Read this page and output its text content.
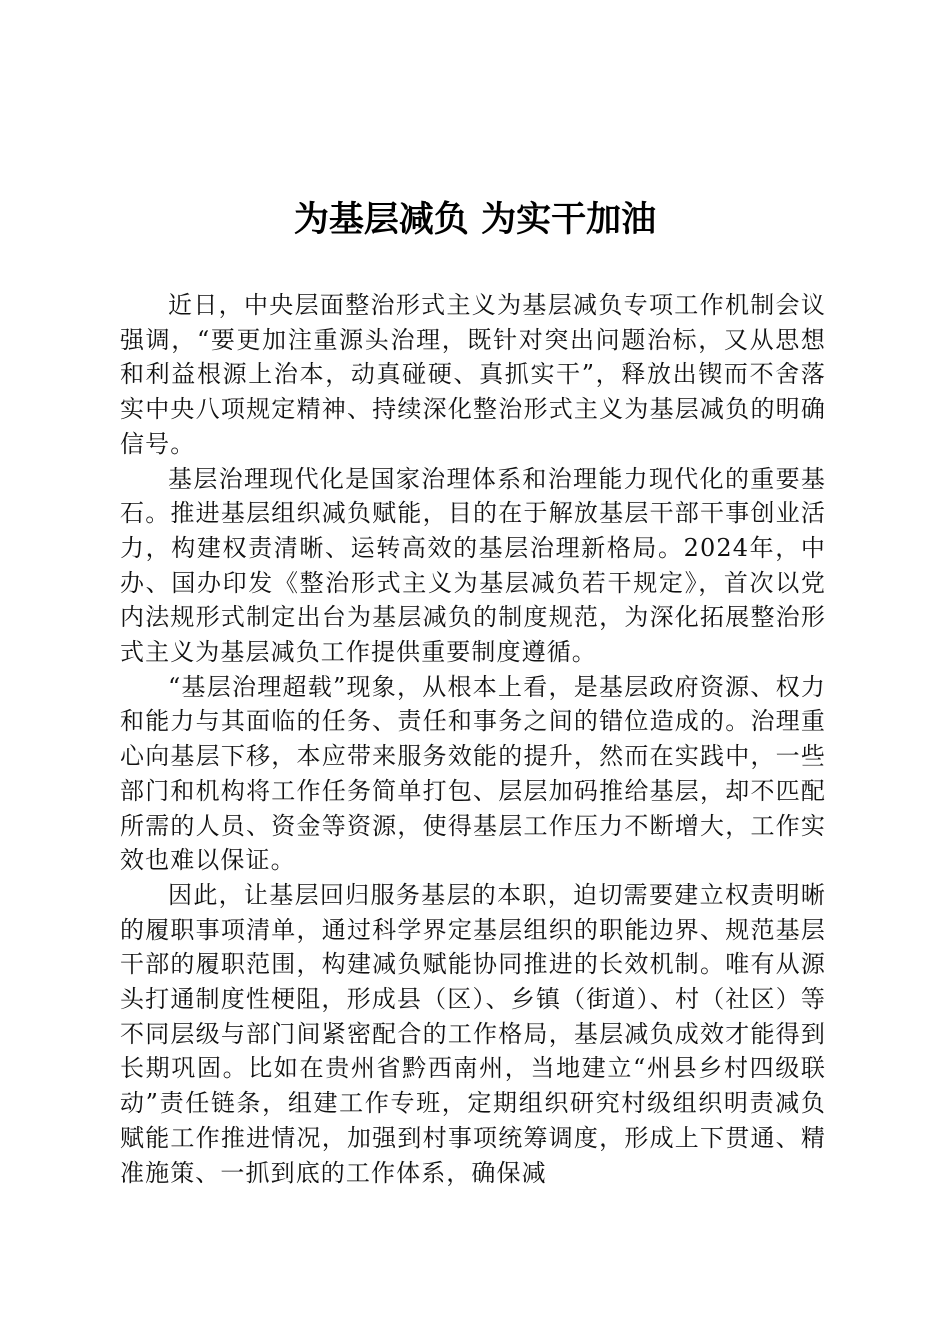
为基层减负 为实干加油

近日，中央层面整治形式主义为基层减负专项工作机制会议强调，“要更加注重源头治理，既针对突出问题治标，又从思想和利益根源上治本，动真碰硬、真抓实干”，释放出锲而不舍落实中央八项规定精神、持续深化整治形式主义为基层减负的明确信号。

基层治理现代化是国家治理体系和治理能力现代化的重要基石。推进基层组织减负赋能，目的在于解放基层干部干事创业活力，构建权责清晰、运转高效的基层治理新格局。2024年，中办、国办印发《整治形式主义为基层减负若干规定》，首次以党内法规形式制定出台为基层减负的制度规范，为深化拓展整治形式主义为基层减负工作提供重要制度遵循。

“基层治理超载”现象，从根本上看，是基层政府资源、权力和能力与其面临的任务、责任和事务之间的错位造成的。治理重心向基层下移，本应带来服务效能的提升，然而在实践中，一些部门和机构将工作任务简单打包、层层加码推给基层，却不匹配所需的人员、资金等资源，使得基层工作压力不断增大，工作实效也难以保证。

因此，让基层回归服务基层的本职，迫切需要建立权责明晰的履职事项清单，通过科学界定基层组织的职能边界、规范基层干部的履职范围，构建减负赋能协同推进的长效机制。唯有从源头打通制度性梗阻，形成县（区）、乡镇（街道）、村（社区）等不同层级与部门间紧密配合的工作格局，基层减负成效才能得到长期巩固。比如在贵州省黔西南州，当地建立“州县乡村四级联动”责任链条，组建工作专班，定期组织研究村级组织明责减负赋能工作推进情况，加强到村事项统筹调度，形成上下贯通、精准施策、一抓到底的工作体系，确保减
